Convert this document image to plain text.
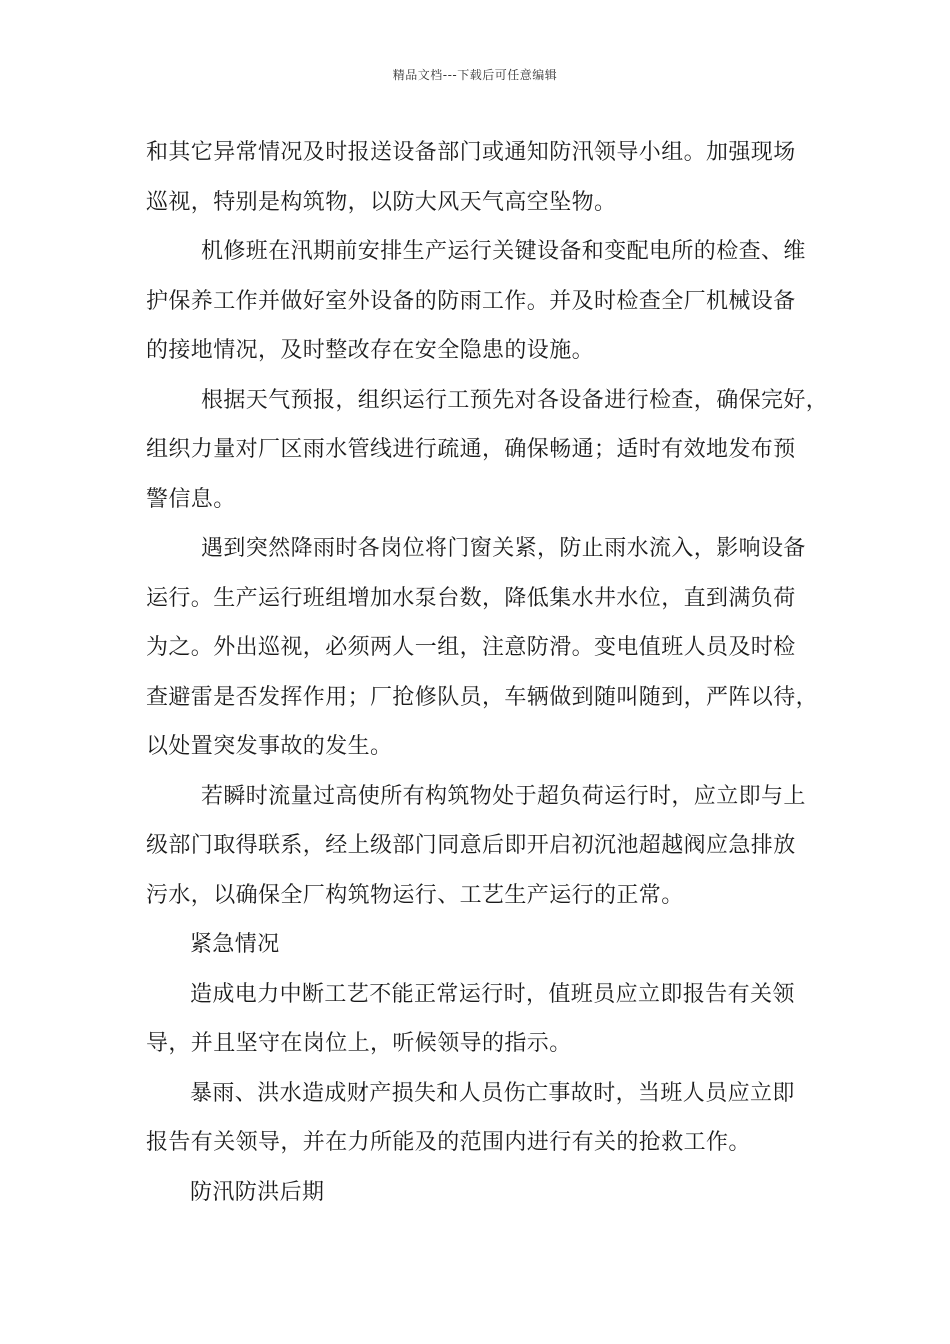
精品文档---下载后可任意编辑
和其它异常情况及时报送设备部门或通知防汛领导小组。加强现场
巡视，特别是构筑物，以防大风天气高空坠物。
机修班在汛期前安排生产运行关键设备和变配电所的检查、维
护保养工作并做好室外设备的防雨工作。并及时检查全厂机械设备
的接地情况，及时整改存在安全隐患的设施。
根据天气预报，组织运行工预先对各设备进行检查，确保完好，
组织力量对厂区雨水管线进行疏通，确保畅通；适时有效地发布预
警信息。
遇到突然降雨时各岗位将门窗关紧，防止雨水流入，影响设备
运行。生产运行班组增加水泵台数，降低集水井水位，直到满负荷
为之。外出巡视，必须两人一组，注意防滑。变电值班人员及时检
查避雷是否发挥作用；厂抢修队员，车辆做到随叫随到，严阵以待，
以处置突发事故的发生。
若瞬时流量过高使所有构筑物处于超负荷运行时，应立即与上
级部门取得联系，经上级部门同意后即开启初沉池超越阀应急排放
污水，以确保全厂构筑物运行、工艺生产运行的正常。
紧急情况
造成电力中断工艺不能正常运行时，值班员应立即报告有关领
导，并且坚守在岗位上，听候领导的指示。
暴雨、洪水造成财产损失和人员伤亡事故时，当班人员应立即
报告有关领导，并在力所能及的范围内进行有关的抢救工作。
防汛防洪后期
